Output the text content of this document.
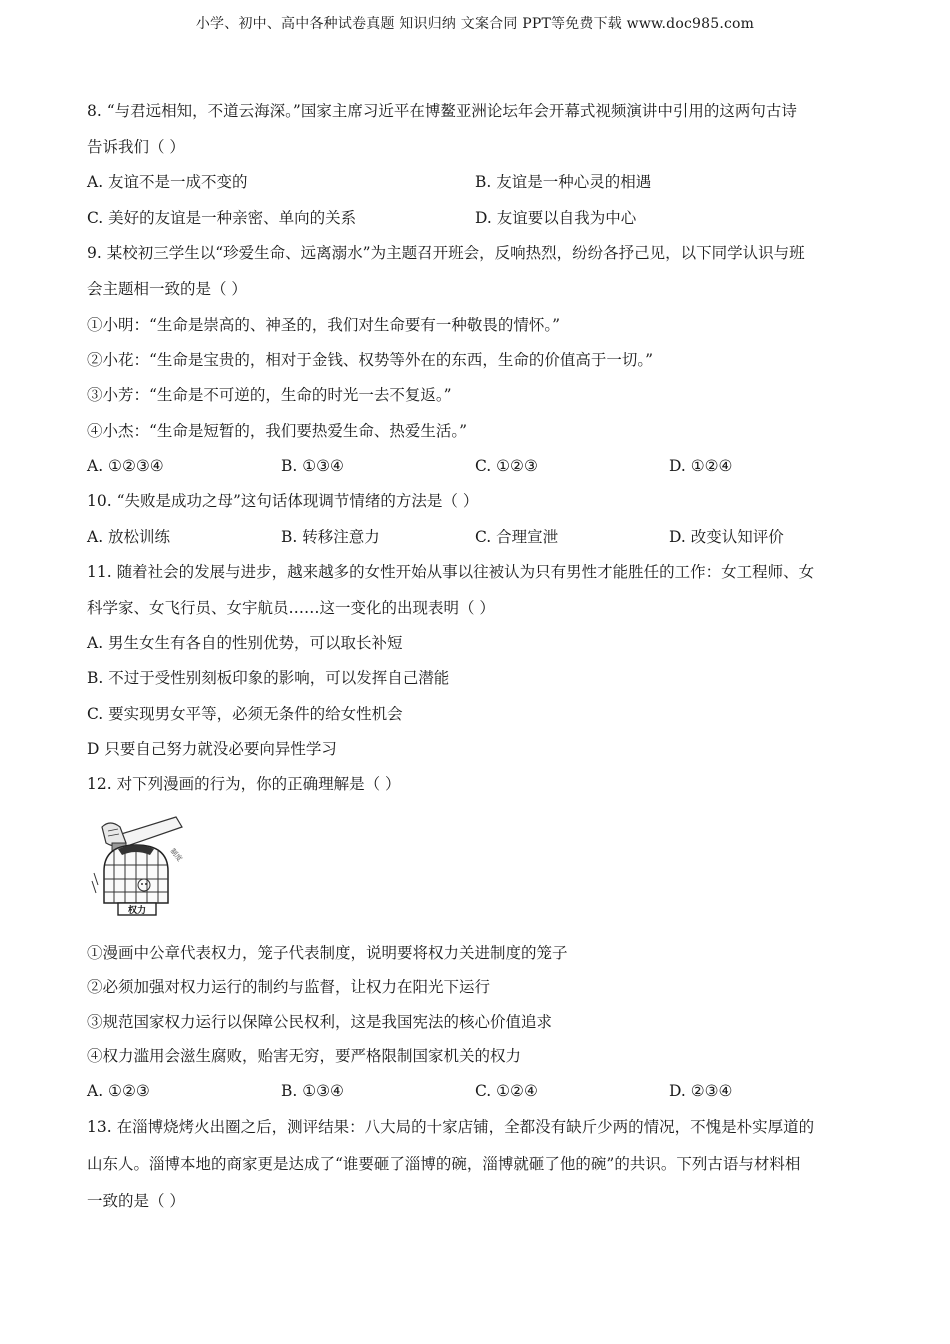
小学、初中、高中各种试卷真题 知识归纳 文案合同 PPT等免费下载 www.doc985.com
8. “与君远相知，不道云海深。”国家主席习近平在博鳌亚洲论坛年会开幕式视频演讲中引用的这两句古诗
告诉我们（ ）
A. 友谊不是一成不变的	B. 友谊是一种心灵的相遇
C. 美好的友谊是一种亲密、单向的关系	D. 友谊要以自我为中心
9. 某校初三学生以“珍爱生命、远离溺水”为主题召开班会，反响热烈，纷纷各抒己见，以下同学认识与班
会主题相一致的是（ ）
①小明：“生命是崇高的、神圣的，我们对生命要有一种敬畏的情怀。”
②小花：“生命是宝贵的，相对于金钱、权势等外在的东西，生命的价值高于一切。”
③小芳：“生命是不可逆的，生命的时光一去不复返。”
④小杰：“生命是短暂的，我们要热爱生命、热爱生活。”
A. ①②③④	B. ①③④	C. ①②③	D. ①②④
10. “失败是成功之母”这句话体现调节情绪的方法是（ ）
A. 放松训练	B. 转移注意力	C. 合理宣泄	D. 改变认知评价
11. 随着社会的发展与进步，越来越多的女性开始从事以往被认为只有男性才能胜任的工作：女工程师、女
科学家、女飞行员、女宇航员……这一变化的出现表明（ ）
A. 男生女生有各自的性别优势，可以取长补短
B. 不过于受性别刻板印象的影响，可以发挥自己潜能
C. 要实现男女平等，必须无条件的给女性机会
D 只要自己努力就没必要向异性学习
12. 对下列漫画的行为，你的正确理解是（ ）
制度
权力
①漫画中公章代表权力，笼子代表制度，说明要将权力关进制度的笼子
②必须加强对权力运行的制约与监督，让权力在阳光下运行
③规范国家权力运行以保障公民权利，这是我国宪法的核心价值追求
④权力滥用会滋生腐败，贻害无穷，要严格限制国家机关的权力
A. ①②③	B. ①③④	C. ①②④	D. ②③④
13. 在淄博烧烤火出圈之后，测评结果：八大局的十家店铺，全都没有缺斤少两的情况，不愧是朴实厚道的
山东人。淄博本地的商家更是达成了“谁要砸了淄博的碗，淄博就砸了他的碗”的共识。下列古语与材料相
一致的是（ ）
